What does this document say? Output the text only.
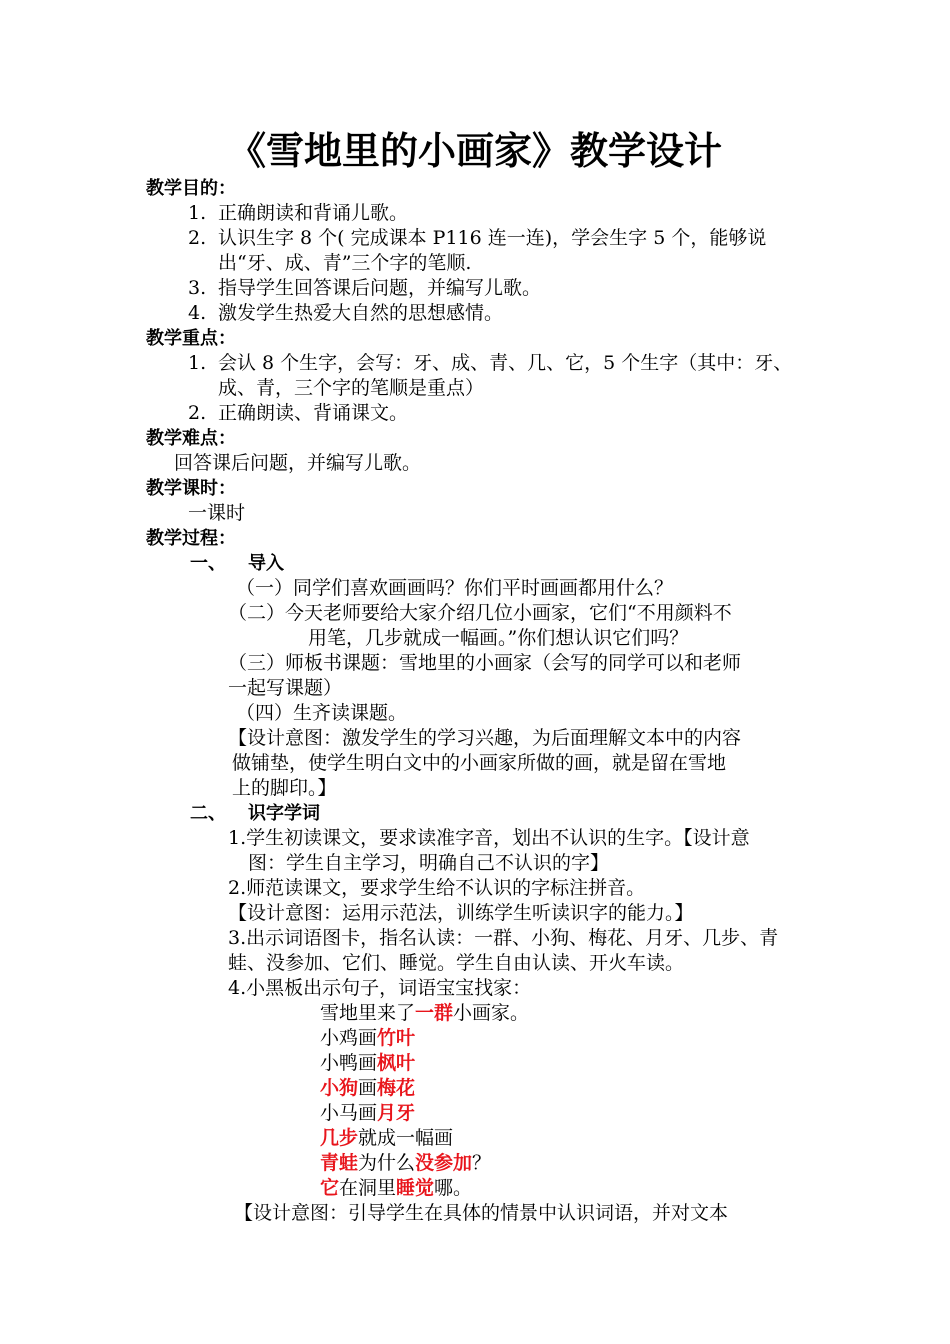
《雪地里的小画家》教学设计
教学目的：
1. 正确朗读和背诵儿歌。
2. 认识生字 8 个( 完成课本 P116 连一连)，学会生字 5 个，能够说
出“牙、成、青”三个字的笔顺.
3. 指导学生回答课后问题，并编写儿歌。
4. 激发学生热爱大自然的思想感情。
教学重点：
1. 会认 8 个生字，会写：牙、成、青、几、它，5 个生字（其中：牙、
成、青，三个字的笔顺是重点）
2. 正确朗读、背诵课文。
教学难点：
回答课后问题，并编写儿歌。
教学课时：
一课时
教学过程：
一、 导入
（一）同学们喜欢画画吗？你们平时画画都用什么？
（二）今天老师要给大家介绍几位小画家，它们“不用颜料不
用笔，几步就成一幅画。”你们想认识它们吗？
（三）师板书课题：雪地里的小画家（会写的同学可以和老师
一起写课题）
（四）生齐读课题。
【设计意图：激发学生的学习兴趣，为后面理解文本中的内容
做铺垫，使学生明白文中的小画家所做的画，就是留在雪地
上的脚印。】
二、 识字学词
1.学生初读课文，要求读准字音，划出不认识的生字。【设计意
图：学生自主学习，明确自己不认识的字】
2.师范读课文，要求学生给不认识的字标注拼音。
【设计意图：运用示范法，训练学生听读识字的能力。】
3.出示词语图卡，指名认读：一群、小狗、梅花、月牙、几步、青
蛙、没参加、它们、睡觉。学生自由认读、开火车读。
4.小黑板出示句子，词语宝宝找家：
雪地里来了一群小画家。
小鸡画竹叶
小鸭画枫叶
小狗画梅花
小马画月牙
几步就成一幅画
青蛙为什么没参加？
它在洞里睡觉哪。
【设计意图：引导学生在具体的情景中认识词语，并对文本
